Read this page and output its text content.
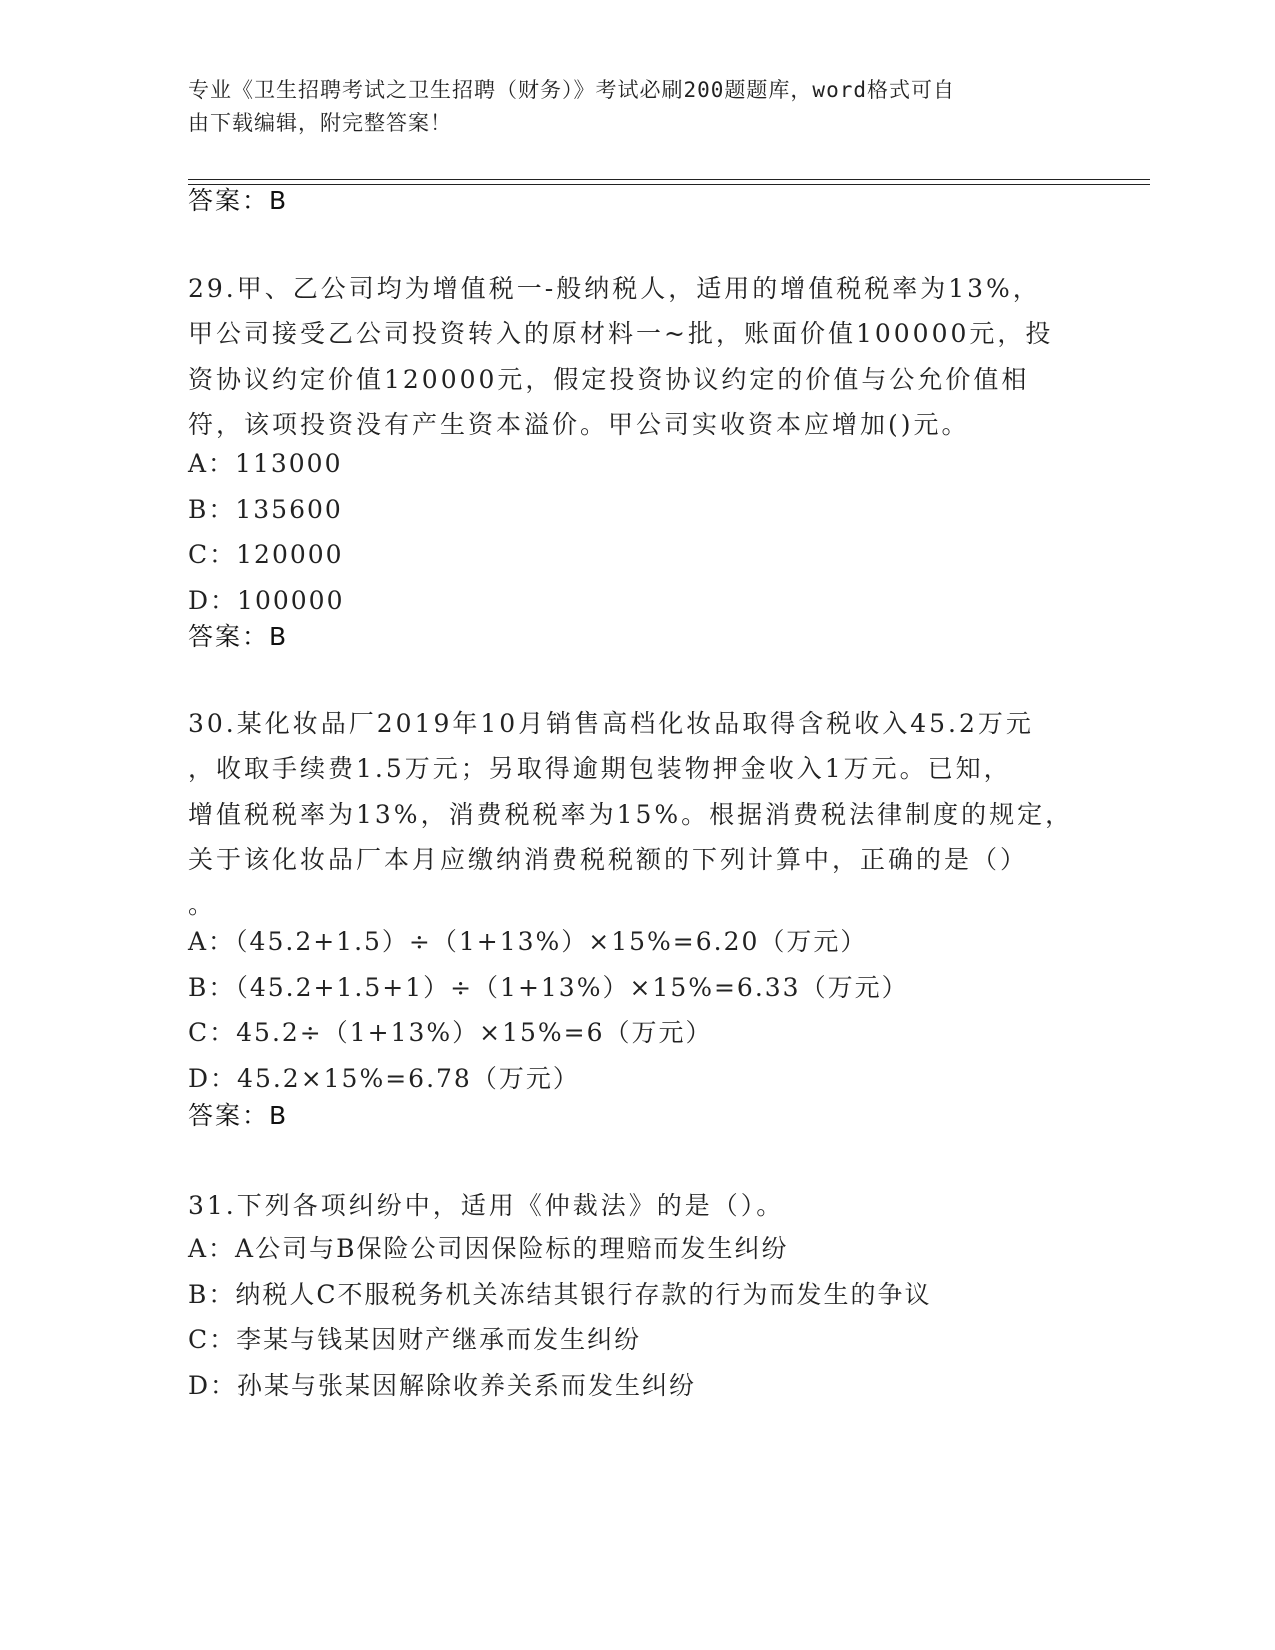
专业《卫生招聘考试之卫生招聘（财务）》考试必刷200题题库，word格式可自
由下载编辑，附完整答案！
答案：B
29.甲、乙公司均为增值税一-般纳税人，适用的增值税税率为13%，甲公司接受乙公司投资转入的原材料一~批，账面价值100000元，投资协议约定价值120000元，假定投资协议约定的价值与公允价值相符，该项投资没有产生资本溢价。甲公司实收资本应增加()元。
A：113000
B：135600
C：120000
D：100000
答案：B
30.某化妆品厂2019年10月销售高档化妆品取得含税收入45.2万元
，收取手续费1.5万元；另取得逾期包装物押金收入1万元。已知，
增值税税率为13%，消费税税率为15%。根据消费税法律制度的规定，
关于该化妆品厂本月应缴纳消费税税额的下列计算中，正确的是（）
。
A：（45.2+1.5）÷（1+13%）×15%=6.20（万元）
B：（45.2+1.5+1）÷（1+13%）×15%=6.33（万元）
C：45.2÷（1+13%）×15%=6（万元）
D：45.2×15%=6.78（万元）
答案：B
31.下列各项纠纷中，适用《仲裁法》的是（）。
A：A公司与B保险公司因保险标的理赔而发生纠纷
B：纳税人C不服税务机关冻结其银行存款的行为而发生的争议
C：李某与钱某因财产继承而发生纠纷
D：孙某与张某因解除收养关系而发生纠纷
